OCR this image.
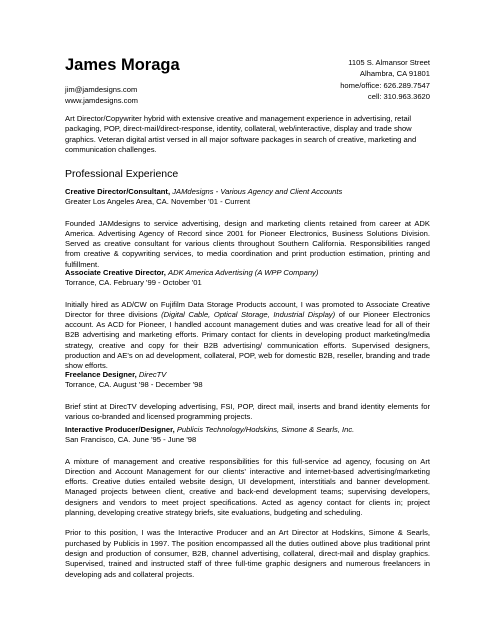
James Moraga	1105 S. Almansor Street
Alhambra, CA 91801
home/office: 626.289.7547
cell: 310.963.3620
jim@jamdesigns.com
www.jamdesigns.com

Art Director/Copywriter hybrid with extensive creative and management experience in advertising, retail packaging, POP, direct-mail/direct-response, identity, collateral, web/interactive, display and trade show graphics. Veteran digital artist versed in all major software packages in search of creative, marketing and communication challenges.

Professional Experience

Creative Director/Consultant, JAMdesigns - Various Agency and Client Accounts

Greater Los Angeles Area, CA. November '01 - Current

Founded JAMdesigns to service advertising, design and marketing clients retained from career at ADK America. Advertising Agency of Record since 2001 for Pioneer Electronics, Business Solutions Division. Served as creative consultant for various clients throughout Southern California. Responsibilities ranged from creative & copywriting services, to media coordination and print production estimation, printing and fulfillment.

Associate Creative Director, ADK America Advertising (A WPP Company)

Torrance, CA. February '99 - October '01

Initially hired as AD/CW on Fujifilm Data Storage Products account, I was promoted to Associate Creative Director for three divisions (Digital Cable, Optical Storage, Industrial Display) of our Pioneer Electronics account. As ACD for Pioneer, I handled account management duties and was creative lead for all of their B2B advertising and marketing efforts. Primary contact for clients in developing product marketing/media strategy, creative and copy for their B2B advertising/ communication efforts. Supervised designers, production and AE's on ad development, collateral, POP, web for domestic B2B, reseller, branding and trade show efforts.

Freelance Designer, DirecTV

Torrance, CA. August '98 - December '98

Brief stint at DirecTV developing advertising, FSI, POP, direct mail, inserts and brand identity elements for various co-branded and licensed programming projects.

Interactive Producer/Designer, Publicis Technology/Hodskins, Simone & Searls, Inc.

San Francisco, CA. June '95 - June '98

A mixture of management and creative responsibilities for this full-service ad agency, focusing on Art Direction and Account Management for our clients' interactive and internet-based advertising/marketing efforts. Creative duties entailed website design, UI development, interstitials and banner development. Managed projects between client, creative and back-end development teams; supervising developers, designers and vendors to meet project specifications. Acted as agency contact for clients in; project planning, developing creative strategy briefs, site evaluations, budgeting and scheduling.

Prior to this position, I was the Interactive Producer and an Art Director at Hodskins, Simone & Searls, purchased by Publicis in 1997. The position encompassed all the duties outlined above plus traditional print design and production of consumer, B2B, channel advertising, collateral, direct-mail and display graphics. Supervised, trained and instructed staff of three full-time graphic designers and numerous freelancers in developing ads and collateral projects.
